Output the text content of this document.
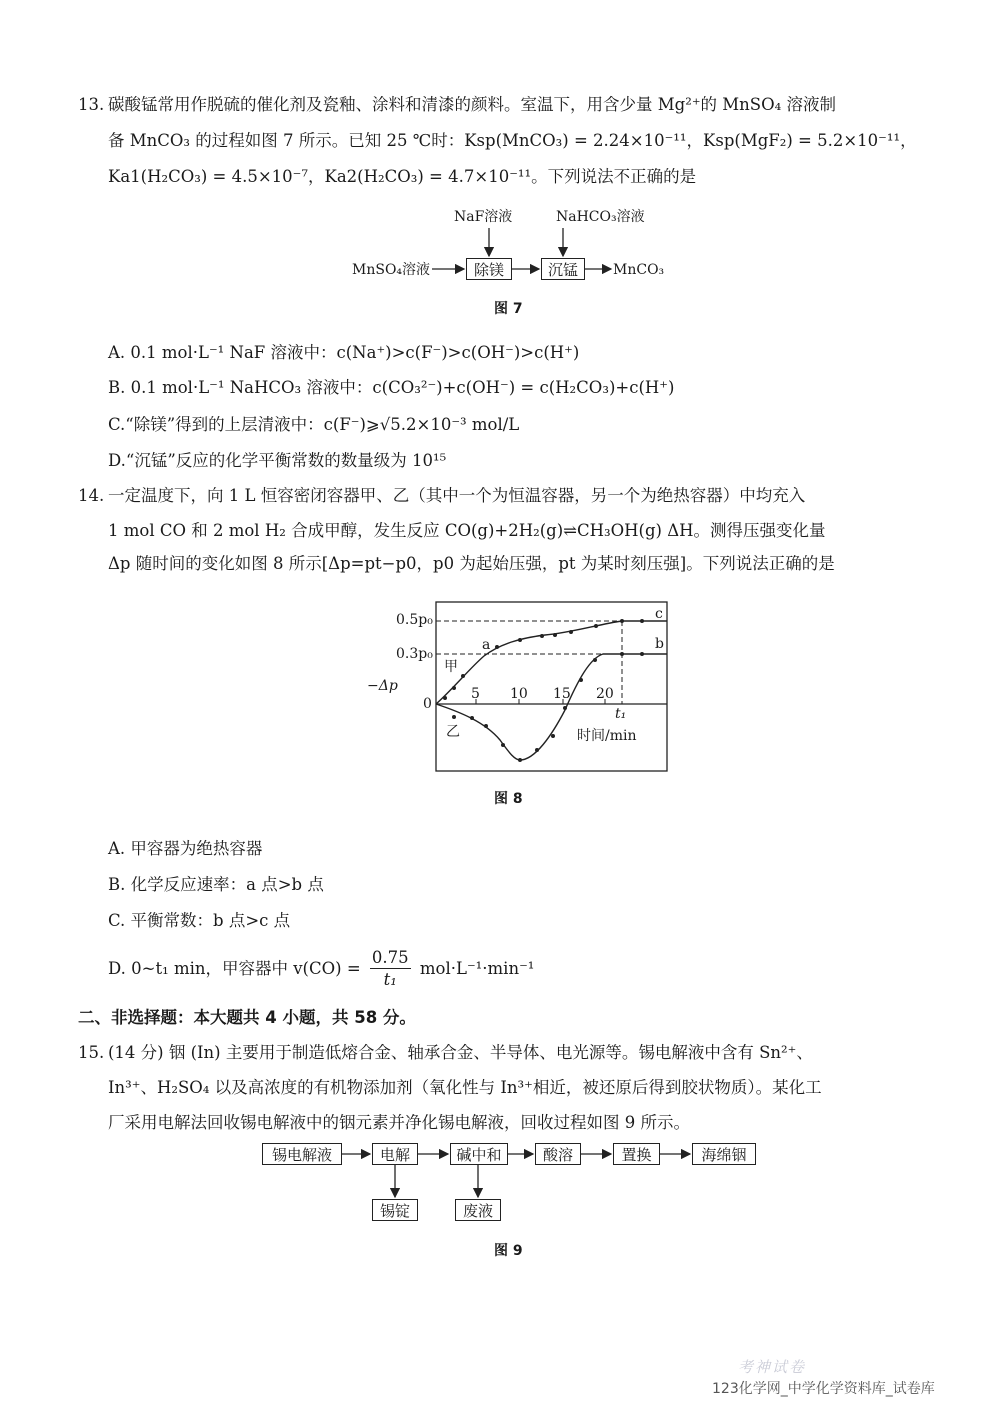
13. 碳酸锰常用作脱硫的催化剂及瓷釉、涂料和清漆的颜料。室温下，用含少量 Mg²⁺的 MnSO₄ 溶液制
备 MnCO₃ 的过程如图 7 所示。已知 25 ℃时：Ksp(MnCO₃) = 2.24×10⁻¹¹，Ksp(MgF₂) = 5.2×10⁻¹¹，
Ka1(H₂CO₃) = 4.5×10⁻⁷，Ka2(H₂CO₃) = 4.7×10⁻¹¹。下列说法不正确的是
NaF溶液	NaHCO₃溶液
MnSO₄溶液	除镁	沉锰	MnCO₃
图 7
A. 0.1 mol·L⁻¹ NaF 溶液中：c(Na⁺)>c(F⁻)>c(OH⁻)>c(H⁺)
B. 0.1 mol·L⁻¹ NaHCO₃ 溶液中：c(CO₃²⁻)+c(OH⁻) = c(H₂CO₃)+c(H⁺)
C.“除镁”得到的上层清液中：c(F⁻)⩾√5.2×10⁻³ mol/L
D.“沉锰”反应的化学平衡常数的数量级为 10¹⁵
14. 一定温度下，向 1 L 恒容密闭容器甲、乙（其中一个为恒温容器，另一个为绝热容器）中均充入
1 mol CO 和 2 mol H₂ 合成甲醇，发生反应 CO(g)+2H₂(g)⇌CH₃OH(g) ΔH。测得压强变化量
Δp 随时间的变化如图 8 所示[Δp=pt−p0，p0 为起始压强，pt 为某时刻压强]。下列说法正确的是
0.5p₀
0.3p₀
0
−Δp	5 10 15 20
t₁
时间/min
a	b
c
甲
乙
图 8
A. 甲容器为绝热容器
B. 化学反应速率：a 点>b 点
C. 平衡常数：b 点>c 点
D. 0~t₁ min，甲容器中 $v(CO) = \frac{0.75}{\text{t₁}} mol\cdot L^{-1}\cdot\min^{-1}$
二、非选择题：本大题共 4 小题，共 58 分。
15. (14 分) 铟 (In) 主要用于制造低熔合金、轴承合金、半导体、电光源等。锡电解液中含有 Sn²⁺、
In³⁺、H₂SO₄ 以及高浓度的有机物添加剂（氧化性与 In³⁺相近，被还原后得到胶状物质）。某化工
厂采用电解法回收锡电解液中的铟元素并净化锡电解液，回收过程如图 9 所示。
锡电解液	电解	碱中和	酸溶	置换	海绵铟
锡锭	废液
图 9
考神试卷
123化学网_中学化学资料库_试卷库
